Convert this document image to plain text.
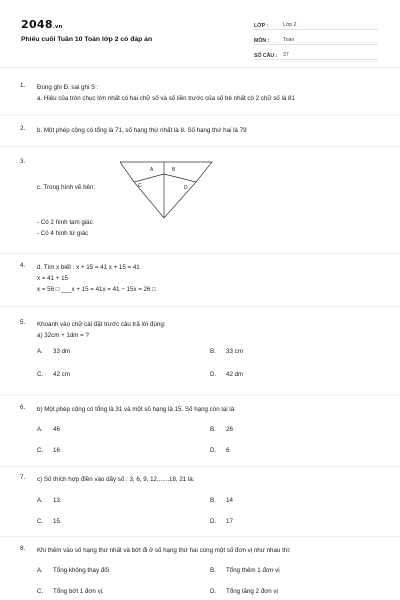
2048.vn
Phiếu cuối Tuần 10 Toán lớp 2 có đáp án
LỚP :	Lớp 2
MÔN :	Toán
SỐ CÂU :	37
1. Đúng ghi Đ, sai ghi S :
a. Hiệu của tròn chục lớn nhất có hai chữ số và số liền trước của số bé nhất có 2 chữ số là 81
2. b. Một phép cộng có tổng là 71, số hạng thứ nhất là 8. Số hạng thứ hai là 79
3.
c. Trong hình vẽ bên:
- Có 2 hình tam giác
- Có 4 hình tứ giác
A	B
C	D
4. d. Tìm x biết : x + 15 = 41 x + 15 = 41
x = 41 + 15
x = 56 □ ___x + 15 = 41x = 41 − 15x = 26 □
5. Khoanh vào chữ cái đặt trước câu trả lời đúng:
a) 32cm + 1dm = ?
A. 33 dm	B. 33 cm
C. 42 cm	D. 42 dm
6. b) Một phép cộng có tổng là 31 và một số hạng là 15. Số hạng còn lại là:
A. 46	B. 26
C. 16	D. 6
7. c) Số thích hợp điền vào dãy số : 3, 6, 9, 12,.....,18, 21 là:
A. 13.	B. 14
C. 15.	D. 17
8. Khi thêm vào số hạng thứ nhất và bớt đi ở số hạng thứ hai cùng một số đơn vị như nhau thì:
A. Tổng không thay đổi	B. Tổng thêm 1 đơn vị
C. Tổng bớt 1 đơn vị.	D. Tổng tăng 2 đơn vị
